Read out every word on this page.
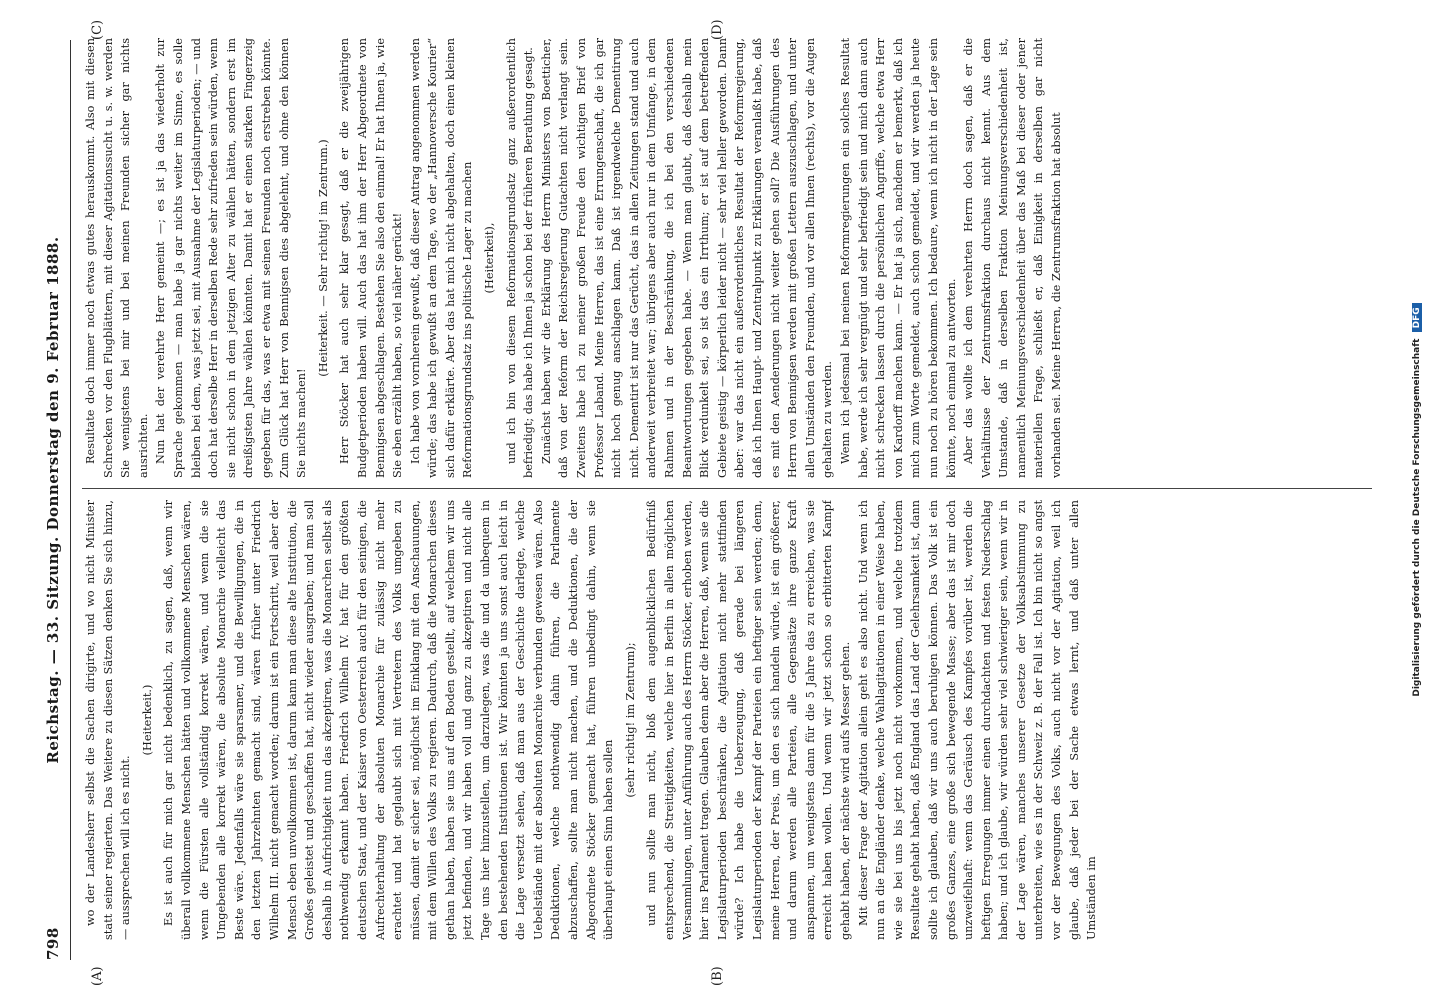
798
Reichstag. — 33. Sitzung. Donnerstag den 9. Februar 1888.
(A)	(B)
(C)	(D)

wo der Landesherr selbst die Sachen dirigirte, und wo nicht Minister statt seiner regierten. Das Weitere zu diesen Sätzen denken Sie sich hinzu, — aussprechen will ich es nicht.

(Heiterkeit.) Es ist auch für mich gar nicht bedenklich, zu sagen, daß, wenn wir überall vollkommene Menschen hätten und vollkommene Menschen wären, wenn die Fürsten alle vollständig korrekt wären, und wenn die sie Umgebenden alle korrekt wären, die absolute Monarchie vielleicht das Beste wäre. Jedenfalls wäre sie sparsamer, und die Bewilligungen, die in den letzten Jahrzehnten gemacht sind, wären früher unter Friedrich Wilhelm III. nicht gemacht worden; darum ist ein Fortschritt, weil aber der Mensch eben unvollkommen ist, darum kann man diese alte Institution, die Großes geleistet und geschaffen hat, nicht wieder ausgraben; und man soll deshalb in Aufrichtigkeit nun das akzeptiren, was die Monarchen selbst als nothwendig erkannt haben. Friedrich Wilhelm IV. hat für den größten deutschen Staat, und der Kaiser von Oesterreich auch für den seinigen, die Aufrechterhaltung der absoluten Monarchie für zulässig nicht mehr erachtet und hat geglaubt sich mit Vertretern des Volks umgeben zu müssen, damit er sicher sei, möglichst im Einklang mit den Anschauungen, mit dem Willen des Volks zu regieren. Dadurch, daß die Monarchen dieses gethan haben, haben sie uns auf den Boden gestellt, auf welchem wir uns jetzt befinden, und wir haben voll und ganz zu akzeptiren und nicht alle Tage uns hier hinzustellen, um darzulegen, was die und da unbequem in den bestehenden Institutionen ist. Wir könnten ja uns sonst auch leicht in die Lage versetzt sehen, daß man aus der Geschichte darlegte, welche Uebelstände mit der absoluten Monarchie verbunden gewesen wären. Also Deduktionen, welche nothwendig dahin führen, die Parlamente abzuschaffen, sollte man nicht machen, und die Deduktionen, die der Abgeordnete Stöcker gemacht hat, führen unbedingt dahin, wenn sie überhaupt einen Sinn haben sollen

(sehr richtig! im Zentrum); und nun sollte man nicht, bloß dem augenblicklichen Bedürfniß entsprechend, die Streitigkeiten, welche hier in Berlin in allen möglichen Versammlungen, unter Anführung auch des Herrn Stöcker, erhoben werden, hier ins Parlament tragen. Glauben denn aber die Herren, daß, wenn sie die Legislaturperioden beschränken, die Agitation nicht mehr stattfinden würde? Ich habe die Ueberzeugung, daß gerade bei längeren Legislaturperioden der Kampf der Parteien ein heftiger sein werden; denn, meine Herren, der Preis, um den es sich handeln würde, ist ein größerer, und darum werden alle Parteien, alle Gegensätze ihre ganze Kraft anspannen, um wenigstens dann für die 5 Jahre das zu erreichen, was sie erreicht haben wollen. Und wenn wir jetzt schon so erbitterten Kampf gehabt haben, der nächste wird aufs Messer gehen. Mit dieser Frage der Agitation allein geht es also nicht. Und wenn ich nun an die Engländer denke, welche Wahlagitationen in einer Weise haben, wie sie bei uns bis jetzt noch nicht vorkommen, und welche trotzdem Resultate gehabt haben, daß England das Land der Gelehrsamkeit ist, dann sollte ich glauben, daß wir uns auch beruhigen können. Das Volk ist ein großes Ganzes, eine große sich bewegende Masse; aber das ist mir doch unzweifelhaft: wenn das Geräusch des Kampfes vorüber ist, werden die heftigen Erregungen immer einen durchdachten und festen Niederschlag haben; und ich glaube, wir würden sehr viel schwieriger sein, wenn wir in der Lage wären, manches unserer Gesetze der Volksabstimmung zu unterbreiten, wie es in der Schweiz z. B. der Fall ist. Ich bin nicht so angst vor der Bewegungen des Volks, auch nicht vor der Agitation, weil ich glaube, daß jeder bei der Sache etwas lernt, und daß unter allen Umständen im

Resultate doch immer noch etwas gutes herauskommt. Also mit diesen Schrecken vor den Flugblättern, mit dieser Agitationssucht u. s. w. werden Sie wenigstens bei mir und bei meinen Freunden sicher gar nichts ausrichten. Nun hat der verehrte Herr gemeint —; es ist ja das wiederholt zur Sprache gekommen — man habe ja gar nichts weiter im Sinne, es solle bleiben bei dem, was jetzt sei, mit Ausnahme der Legislaturperioden; — und doch hat derselbe Herr in derselben Rede sehr zufrieden sein würden, wenn sie nicht schon in dem jetzigen Alter zu wählen hätten, sondern erst im dreißigsten Jahre wählen könnten. Damit hat er einen starken Fingerzeig gegeben für das, was er etwa mit seinen Freunden noch erstreben könnte. Zum Glück hat Herr von Bennigsen dies abgelehnt, und ohne den können Sie nichts machen!

(Heiterkeit. — Sehr richtig! im Zentrum.) Herr Stöcker hat auch sehr klar gesagt, daß er die zweijährigen Budgetperioden haben will. Auch das hat ihm der Herr Abgeordnete von Bennigsen abgeschlagen. Bestehen Sie also den einmal! Er hat Ihnen ja, wie Sie eben erzählt haben, so viel näher gerückt! Ich habe von vornherein gewußt, daß dieser Antrag angenommen werden würde; das habe ich gewußt an dem Tage, wo der „Hannoversche Kourier“ sich dafür erklärte. Aber das hat mich nicht abgehalten, doch einen kleinen Reformationsgrundsatz ins politische Lager zu machen (Heiterkeit), und ich bin von diesem Reformationsgrundsatz ganz außerordentlich befriedigt; das habe ich Ihnen ja schon bei der früheren Berathung gesagt. Zunächst haben wir die Erklärung des Herrn Ministers von Boetticher, daß von der Reform der Reichsregierung Gutachten nicht verlangt sein. Zweitens habe ich zu meiner großen Freude den wichtigen Brief von Professor Laband. Meine Herren, das ist eine Errungenschaft, die ich gar nicht hoch genug anschlagen kann. Daß ist irgendwelche Dementirung nicht. Dementirt ist nur das Gerücht, das in allen Zeitungen stand und auch anderweit verbreitet war; übrigens aber auch nur in dem Umfange, in dem Rahmen und in der Beschränkung, die ich bei den verschiedenen Beantwortungen gegeben habe. — Wenn man glaubt, daß deshalb mein Blick verdunkelt sei, so ist das ein Irrthum; er ist auf dem betreffenden Gebiete geistig — körperlich leider nicht — sehr viel heller geworden. Dann aber: war das nicht ein außerordentliches Resultat der Reformregierung, daß ich Ihnen Haupt- und Zentralpunkt zu Erklärungen veranlaßt habe, daß es mit den Aenderungen nicht weiter gehen soll? Die Ausführungen des Herrn von Bennigsen werden mit großen Lettern auszuschlagen, und unter allen Umständen den Freunden, und vor allen Ihnen (rechts), vor die Augen gehalten zu werden. Wenn ich jedesmal bei meinen Reformregierungen ein solches Resultat habe, werde ich sehr vergnügt und sehr befriedigt sein und mich dann auch nicht schrecken lassen durch die persönlichen Angriffe, welche etwa Herr von Kardorff machen kann. — Er hat ja sich, nachdem er bemerkt, daß ich mich zum Worte gemeldet, auch schon gemeldet, und wir werden ja heute nun noch zu hören bekommen. Ich bedaure, wenn ich nicht in der Lage sein könnte, noch einmal zu antworten. Aber das wollte ich dem verehrten Herrn doch sagen, daß er die Verhältnisse der Zentrumsfraktion durchaus nicht kennt. Aus dem Umstande, daß in derselben Fraktion Meinungsverschiedenheit ist, namentlich Meinungsverschiedenheit über das Maß bei dieser oder jener materiellen Frage, schließt er, daß Einigkeit in derselben gar nicht vorhanden sei. Meine Herren, die Zentrumsfraktion hat absolut

Digitalisierung gefördert durch die Deutsche Forschungsgemeinschaft DFG
